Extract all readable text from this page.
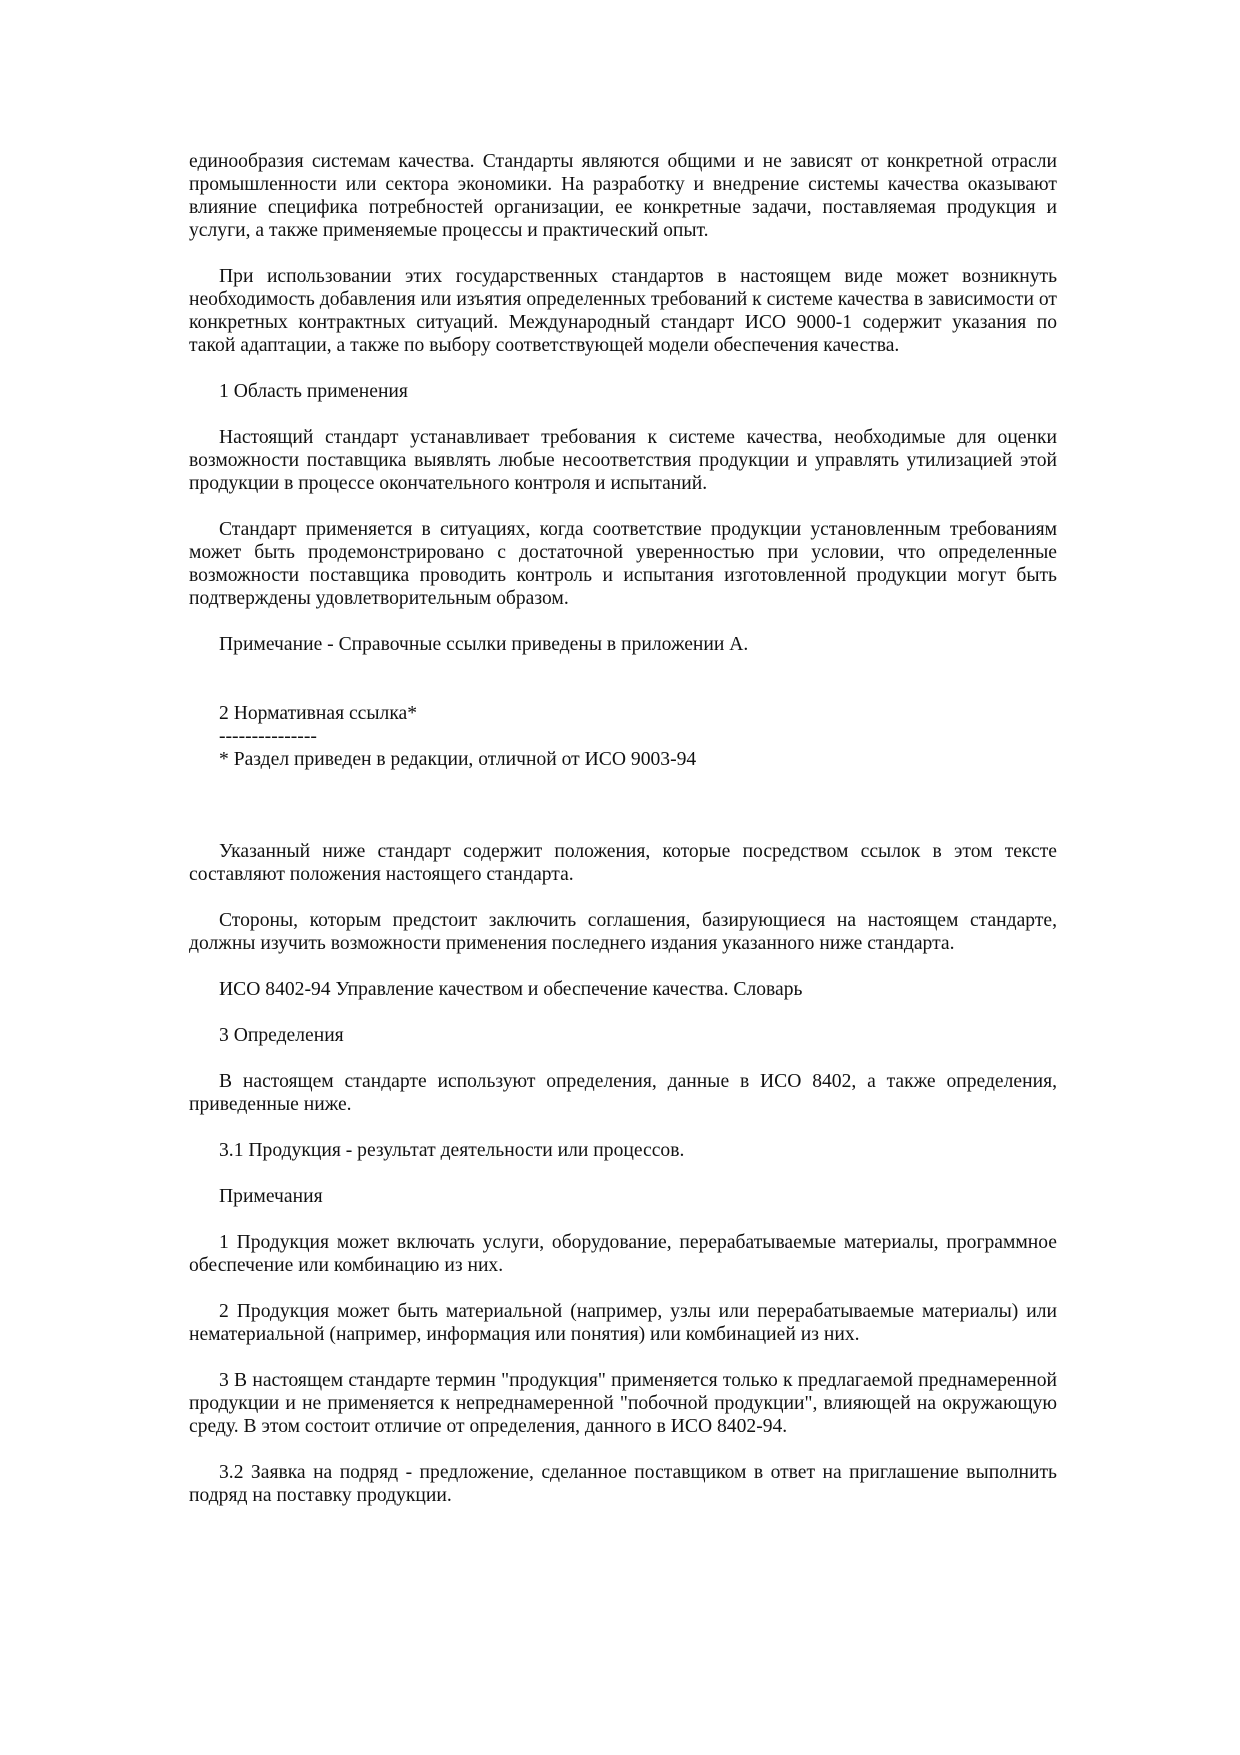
единообразия системам качества. Стандарты являются общими и не зависят от конкретной отрасли промышленности или сектора экономики. На разработку и внедрение системы качества оказывают влияние специфика потребностей организации, ее конкретные задачи, поставляемая продукция и услуги, а также применяемые процессы и практический опыт.

При использовании этих государственных стандартов в настоящем виде может возникнуть необходимость добавления или изъятия определенных требований к системе качества в зависимости от конкретных контрактных ситуаций. Международный стандарт ИСО 9000-1 содержит указания по такой адаптации, а также по выбору соответствующей модели обеспечения качества.

1 Область применения

Настоящий стандарт устанавливает требования к системе качества, необходимые для оценки возможности поставщика выявлять любые несоответствия продукции и управлять утилизацией этой продукции в процессе окончательного контроля и испытаний.

Стандарт применяется в ситуациях, когда соответствие продукции установленным требованиям может быть продемонстрировано с достаточной уверенностью при условии, что определенные возможности поставщика проводить контроль и испытания изготовленной продукции могут быть подтверждены удовлетворительным образом.

Примечание - Справочные ссылки приведены в приложении А.

2 Нормативная ссылка*

---------------

* Раздел приведен в редакции, отличной от ИСО 9003-94

Указанный ниже стандарт содержит положения, которые посредством ссылок в этом тексте составляют положения настоящего стандарта.

Стороны, которым предстоит заключить соглашения, базирующиеся на настоящем стандарте, должны изучить возможности применения последнего издания указанного ниже стандарта.

ИСО 8402-94 Управление качеством и обеспечение качества. Словарь

3 Определения

В настоящем стандарте используют определения, данные в ИСО 8402, а также определения, приведенные ниже.

3.1 Продукция - результат деятельности или процессов.

Примечания

1 Продукция может включать услуги, оборудование, перерабатываемые материалы, программное обеспечение или комбинацию из них.

2 Продукция может быть материальной (например, узлы или перерабатываемые материалы) или нематериальной (например, информация или понятия) или комбинацией из них.

3 В настоящем стандарте термин "продукция" применяется только к предлагаемой преднамеренной продукции и не применяется к непреднамеренной "побочной продукции", влияющей на окружающую среду. В этом состоит отличие от определения, данного в ИСО 8402-94.

3.2 Заявка на подряд - предложение, сделанное поставщиком в ответ на приглашение выполнить подряд на поставку продукции.
